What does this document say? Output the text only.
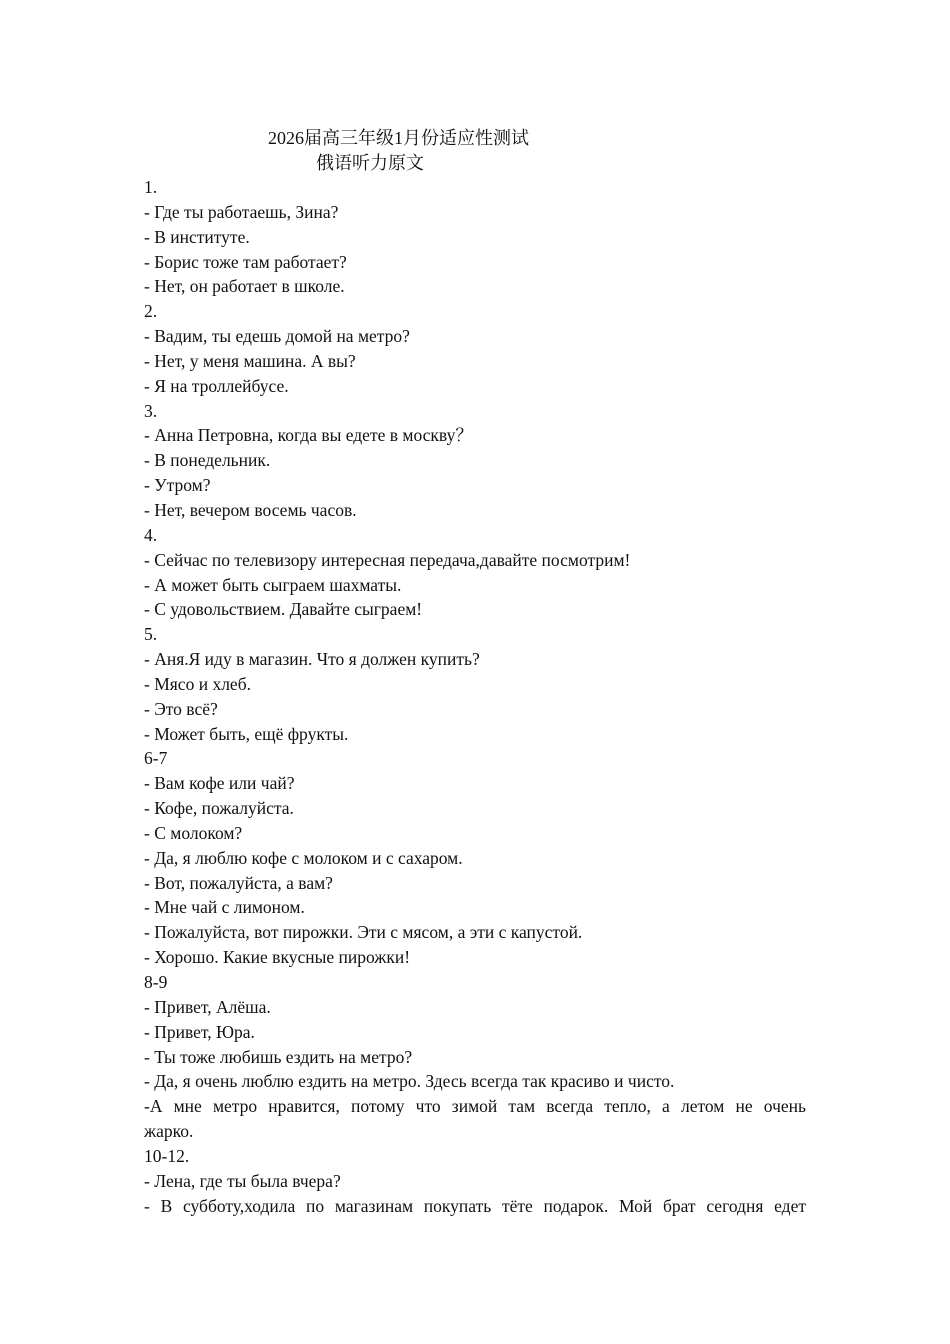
2026届高三年级1月份适应性测试
俄语听力原文
1.
- Где ты работаешь, Зина?
- В институте.
- Борис тоже там работает?
- Нет, он работает в школе.
2.
- Вадим, ты едешь домой на метро?
- Нет, у меня машина. А вы?
- Я на троллейбусе.
3.
- Анна Петровна, когда вы едете в москву？
- В понедельник.
- Утром?
- Нет, вечером восемь часов.
4.
- Сейчас по телевизору интересная передача,давайте посмотрим!
- А может быть сыграем шахматы.
- С удовольствием. Давайте сыграем!
5.
- Аня.Я иду в магазин. Что я должен купить?
- Мясо и хлеб.
- Это всё?
- Может быть, ещё фрукты.
6-7
- Вам кофе или чай?
- Кофе, пожалуйста.
- С молоком?
- Да, я люблю кофе с молоком и с сахаром.
- Вот, пожалуйста, а вам?
- Мне чай с лимоном.
- Пожалуйста, вот пирожки. Эти с мясом, а эти с капустой.
- Хорошо. Какие вкусные пирожки!
8-9
- Привет, Алёша.
- Привет, Юра.
- Ты тоже любишь ездить на метро?
- Да, я очень люблю ездить на метро. Здесь всегда так красиво и чисто.
-А мне метро нравится, потому что зимой там всегда тепло, а летом не очень
жарко.
10-12.
- Лена, где ты была вчера?
- В субботу,ходила по магазинам покупать тёте подарок. Мой брат сегодня едет
